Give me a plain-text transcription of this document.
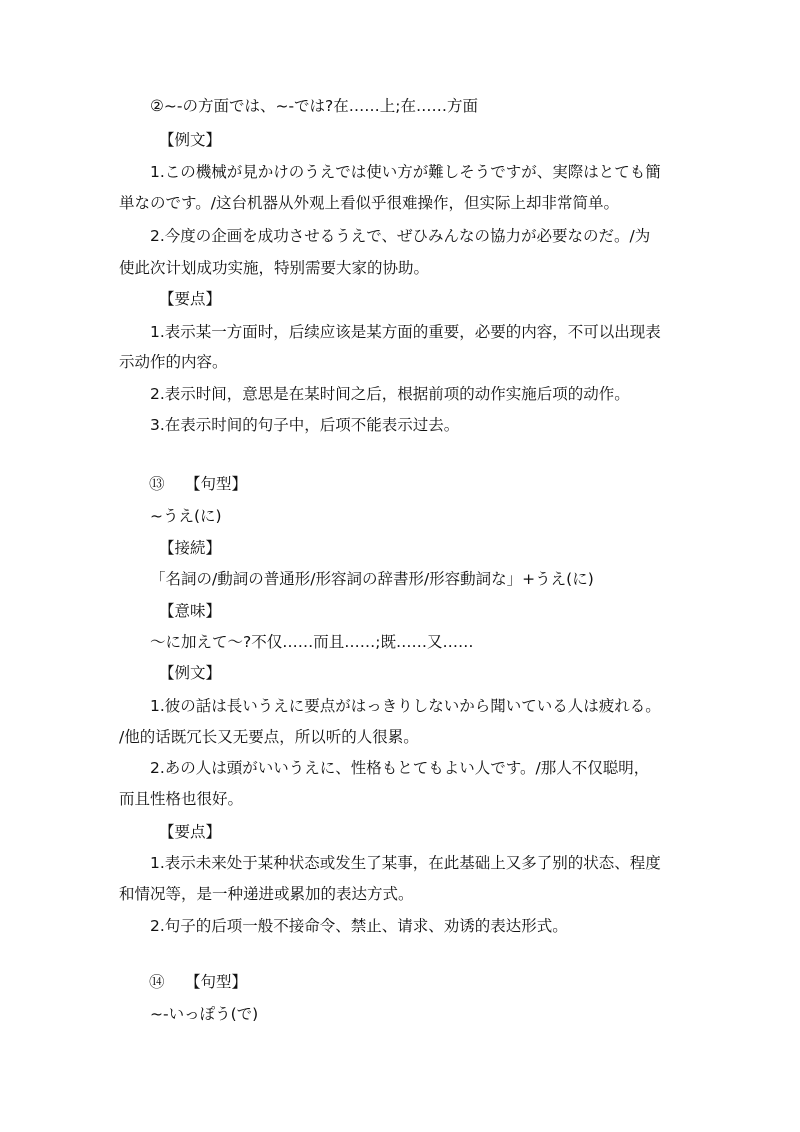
②~-の方面では、~-では?在……上;在……方面
【例文】
1.この機械が見かけのうえでは使い方が難しそうですが、実際はとても簡
単なのです。/这台机器从外观上看似乎很难操作，但实际上却非常简单。
2.今度の企画を成功させるうえで、ぜひみんなの協力が必要なのだ。/为
使此次计划成功实施，特别需要大家的协助。
【要点】
1.表示某一方面时，后续应该是某方面的重要，必要的内容，不可以出现表
示动作的内容。
2.表示时间，意思是在某时间之后，根据前项的动作实施后项的动作。
3.在表示时间的句子中，后项不能表示过去。
⑬ 【句型】
~うえ(に)
【接続】
「名詞の/動詞の普通形/形容詞の辞書形/形容動詞な」+うえ(に)
【意味】
～に加えて～?不仅……而且……;既……又……
【例文】
1.彼の話は長いうえに要点がはっきりしないから聞いている人は疲れる。
/他的话既冗长又无要点，所以听的人很累。
2.あの人は頭がいいうえに、性格もとてもよい人です。/那人不仅聪明，
而且性格也很好。
【要点】
1.表示未来处于某种状态或发生了某事，在此基础上又多了别的状态、程度
和情况等，是一种递进或累加的表达方式。
2.句子的后项一般不接命令、禁止、请求、劝诱的表达形式。
⑭ 【句型】
~-いっぽう(で)
